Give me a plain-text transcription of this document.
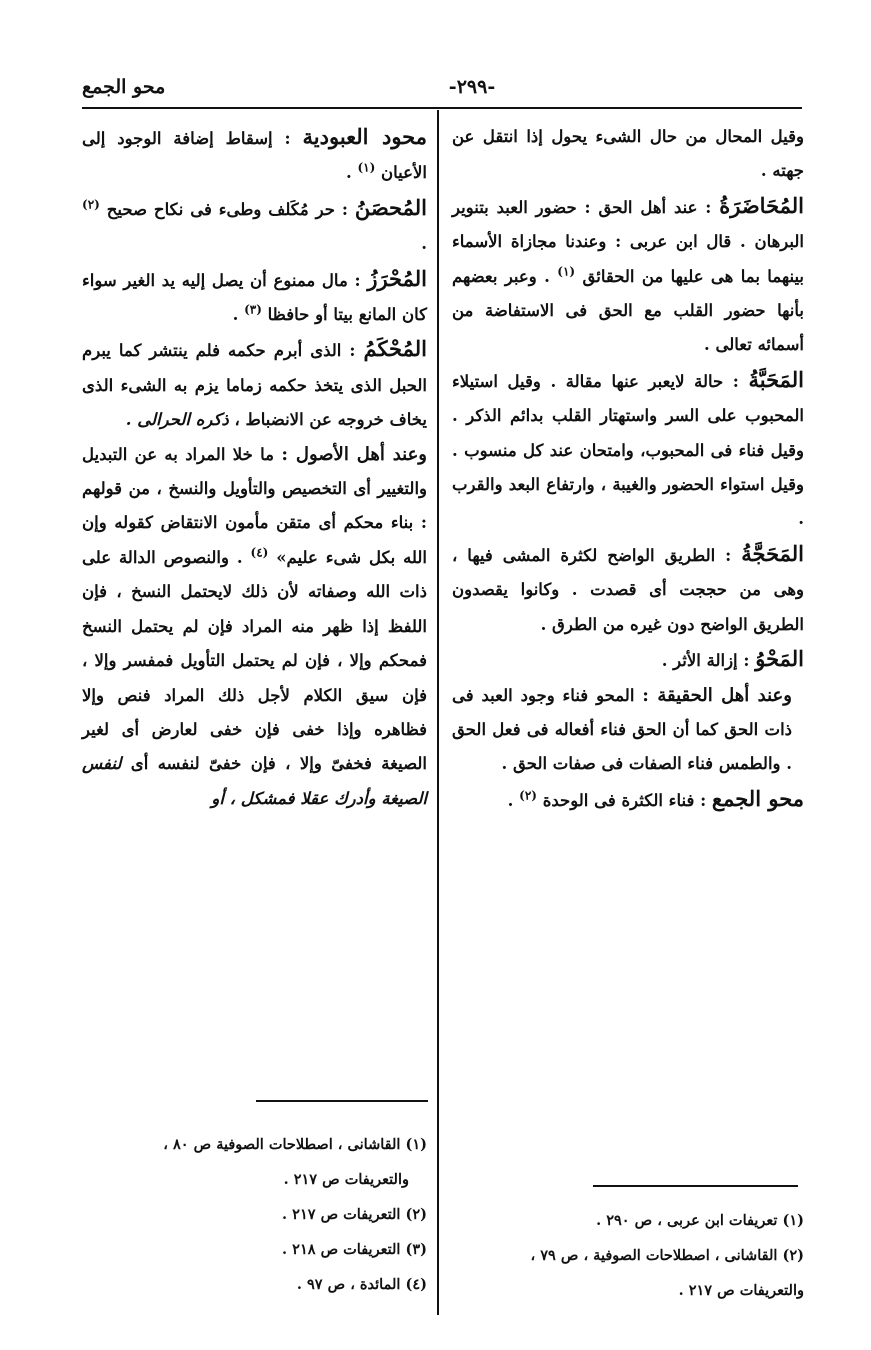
-٢٩٩-
محو الجمع

وقيل المحال من حال الشىء يحول إذا انتقل عن جهته .

المُحَاضَرَةُ : عند أهل الحق : حضور العبد بتنوير البرهان . قال ابن عربى : وعندنا مجازاة الأسماء بينهما بما هى عليها من الحقائق $^{(١)}$ . وعبر بعضهم بأنها حضور القلب مع الحق فى الاستفاضة من أسمائه تعالى .

المَحَبَّةُ : حالة لايعبر عنها مقالة . وقيل استيلاء المحبوب على السر واستهتار القلب بدائم الذكر . وقيل فناء فى المحبوب، وامتحان عند كل منسوب . وقيل استواء الحضور والغيبة ، وارتفاع البعد والقرب .

المَحَجَّةُ : الطريق الواضح لكثرة المشى فيها ، وهى من حججت أى قصدت . وكانوا يقصدون الطريق الواضح دون غيره من الطرق .

المَحْوُ : إزالة الأثر .

وعند أهل الحقيقة : المحو فناء وجود العبد فى ذات الحق كما أن الحق فناء أفعاله فى فعل الحق . والطمس فناء الصفات فى صفات الحق .

محو الجمع : فناء الكثرة فى الوحدة $^{(٢)}$ .

محود العبودية : إسقاط إضافة الوجود إلى الأعيان $^{(١)}$ .

المُحصَنُ : حر مُكَلف وطىء فى نكاح صحيح $^{(٢)}$ .

المُحْرَزُ : مال ممنوع أن يصل إليه يد الغير سواء كان المانع بيتا أو حافظا $^{(٣)}$ .

المُحْكَمُ : الذى أبرم حكمه فلم ينتشر كما يبرم الحبل الذى يتخذ حكمه زماما يزم به الشىء الذى يخاف خروجه عن الانضباط ، ذكره الحرالى .

وعند أهل الأصول : ما خلا المراد به عن التبديل والتغيير أى التخصيص والتأويل والنسخ ، من قولهم : بناء محكم أى متقن مأمون الانتقاض كقوله وإن الله بكل شىء عليم» $^{(٤)}$ . والنصوص الدالة على ذات الله وصفاته لأن ذلك لايحتمل النسخ ، فإن اللفظ إذا ظهر منه المراد فإن لم يحتمل النسخ فمحكم وإلا ، فإن لم يحتمل التأويل فمفسر وإلا ، فإن سيق الكلام لأجل ذلك المراد فنص وإلا فظاهره وإذا خفى فإن خفى لعارض أى لغير الصيغة فخفىّ وإلا ، فإن خفىّ لنفسه أى لنفس الصيغة وأدرك عقلا فمشكل ، أو

(١) القاشانى ، اصطلاحات الصوفية ص ٨٠ ،

والتعريفات ص ٢١٧ .

(٢) التعريفات ص ٢١٧ .

(٣) التعريفات ص ٢١٨ .

(٤) المائدة ، ص ٩٧ .

(١) تعريفات ابن عربى ، ص ٢٩٠ .

(٢) القاشانى ، اصطلاحات الصوفية ، ص ٧٩ ،

والتعريفات ص ٢١٧ .
